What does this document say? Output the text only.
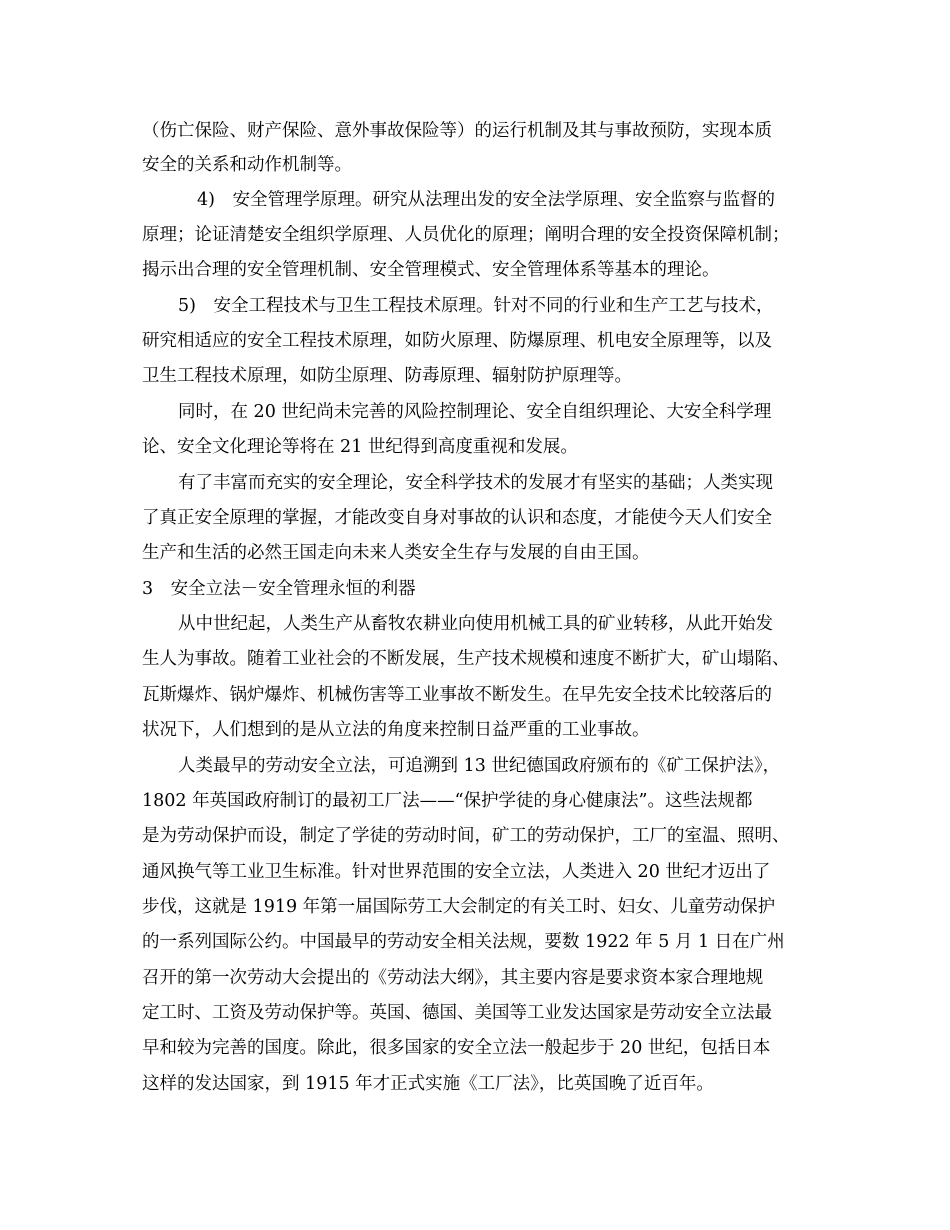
（伤亡保险、财产保险、意外事故保险等）的运行机制及其与事故预防，实现本质

安全的关系和动作机制等。

4)　安全管理学原理。研究从法理出发的安全法学原理、安全监察与监督的

原理；论证清楚安全组织学原理、人员优化的原理；阐明合理的安全投资保障机制；

揭示出合理的安全管理机制、安全管理模式、安全管理体系等基本的理论。

5)　安全工程技术与卫生工程技术原理。针对不同的行业和生产工艺与技术，

研究相适应的安全工程技术原理，如防火原理、防爆原理、机电安全原理等，以及

卫生工程技术原理，如防尘原理、防毒原理、辐射防护原理等。

同时，在 20 世纪尚未完善的风险控制理论、安全自组织理论、大安全科学理

论、安全文化理论等将在 21 世纪得到高度重视和发展。

有了丰富而充实的安全理论，安全科学技术的发展才有坚实的基础；人类实现

了真正安全原理的掌握，才能改变自身对事故的认识和态度，才能使今天人们安全

生产和生活的必然王国走向未来人类安全生存与发展的自由王国。

3　安全立法－安全管理永恒的利器

从中世纪起，人类生产从畜牧农耕业向使用机械工具的矿业转移，从此开始发

生人为事故。随着工业社会的不断发展，生产技术规模和速度不断扩大，矿山塌陷、

瓦斯爆炸、锅炉爆炸、机械伤害等工业事故不断发生。在早先安全技术比较落后的

状况下，人们想到的是从立法的角度来控制日益严重的工业事故。

人类最早的劳动安全立法，可追溯到 13 世纪德国政府颁布的《矿工保护法》，

1802 年英国政府制订的最初工厂法——“保护学徒的身心健康法”。这些法规都

是为劳动保护而设，制定了学徒的劳动时间，矿工的劳动保护，工厂的室温、照明、

通风换气等工业卫生标准。针对世界范围的安全立法，人类进入 20 世纪才迈出了

步伐，这就是 1919 年第一届国际劳工大会制定的有关工时、妇女、儿童劳动保护

的一系列国际公约。中国最早的劳动安全相关法规，要数 1922 年 5 月 1 日在广州

召开的第一次劳动大会提出的《劳动法大纲》，其主要内容是要求资本家合理地规

定工时、工资及劳动保护等。英国、德国、美国等工业发达国家是劳动安全立法最

早和较为完善的国度。除此，很多国家的安全立法一般起步于 20 世纪，包括日本

这样的发达国家，到 1915 年才正式实施《工厂法》，比英国晚了近百年。
